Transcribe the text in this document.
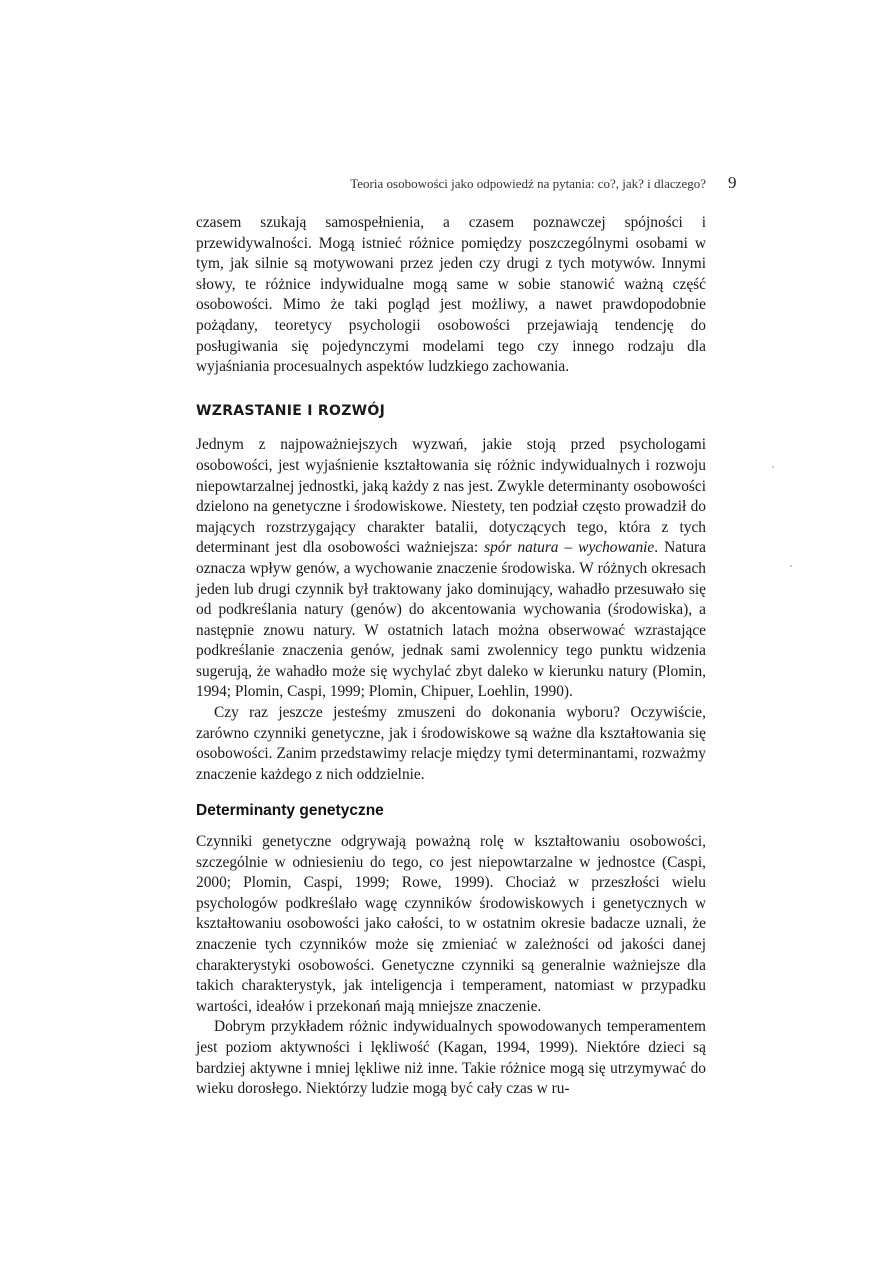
Teoria osobowości jako odpowiedź na pytania: co?, jak? i dlaczego? 9

czasem szukają samospełnienia, a czasem poznawczej spójności i przewidywalności. Mogą istnieć różnice pomiędzy poszczególnymi osobami w tym, jak silnie są motywowani przez jeden czy drugi z tych motywów. Innymi słowy, te różnice indywidualne mogą same w sobie stanowić ważną część osobowości. Mimo że taki pogląd jest możliwy, a nawet prawdopodobnie pożądany, teoretycy psychologii osobowości przejawiają tendencję do posługiwania się pojedynczymi modelami tego czy innego rodzaju dla wyjaśniania procesualnych aspektów ludzkiego zachowania.

WZRASTANIE I ROZWÓJ

Jednym z najpoważniejszych wyzwań, jakie stoją przed psychologami osobowości, jest wyjaśnienie kształtowania się różnic indywidualnych i rozwoju niepowtarzalnej jednostki, jaką każdy z nas jest. Zwykle determinanty osobowości dzielono na genetyczne i środowiskowe. Niestety, ten podział często prowadził do mających rozstrzygający charakter batalii, dotyczących tego, która z tych determinant jest dla osobowości ważniejsza: spór natura – wychowanie. Natura oznacza wpływ genów, a wychowanie znaczenie środowiska. W różnych okresach jeden lub drugi czynnik był traktowany jako dominujący, wahadło przesuwało się od podkreślania natury (genów) do akcentowania wychowania (środowiska), a następnie znowu natury. W ostatnich latach można obserwować wzrastające podkreślanie znaczenia genów, jednak sami zwolennicy tego punktu widzenia sugerują, że wahadło może się wychylać zbyt daleko w kierunku natury (Plomin, 1994; Plomin, Caspi, 1999; Plomin, Chipuer, Loehlin, 1990).

Czy raz jeszcze jesteśmy zmuszeni do dokonania wyboru? Oczywiście, zarówno czynniki genetyczne, jak i środowiskowe są ważne dla kształtowania się osobowości. Zanim przedstawimy relacje między tymi determinantami, rozważmy znaczenie każdego z nich oddzielnie.

Determinanty genetyczne

Czynniki genetyczne odgrywają poważną rolę w kształtowaniu osobowości, szczególnie w odniesieniu do tego, co jest niepowtarzalne w jednostce (Caspi, 2000; Plomin, Caspi, 1999; Rowe, 1999). Chociaż w przeszłości wielu psychologów podkreślało wagę czynników środowiskowych i genetycznych w kształtowaniu osobowości jako całości, to w ostatnim okresie badacze uznali, że znaczenie tych czynników może się zmieniać w zależności od jakości danej charakterystyki osobowości. Genetyczne czynniki są generalnie ważniejsze dla takich charakterystyk, jak inteligencja i temperament, natomiast w przypadku wartości, ideałów i przekonań mają mniejsze znaczenie.

Dobrym przykładem różnic indywidualnych spowodowanych temperamentem jest poziom aktywności i lękliwość (Kagan, 1994, 1999). Niektóre dzieci są bardziej aktywne i mniej lękliwe niż inne. Takie różnice mogą się utrzymywać do wieku dorosłego. Niektórzy ludzie mogą być cały czas w ru-
